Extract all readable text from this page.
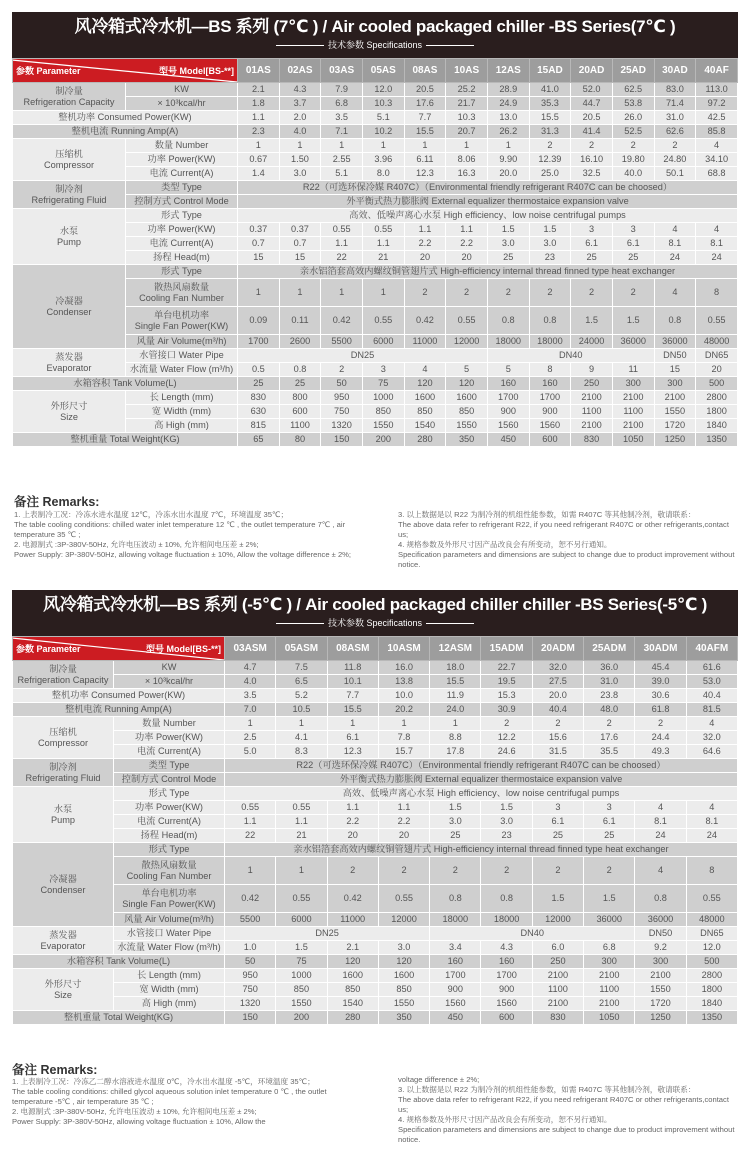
风冷箱式冷水机—BS 系列 (7℃ ) / Air cooled packaged chiller -BS Series(7℃ )
技术参数 Specifications
参数 Parameter 型号 Model[BS-**]		01AS	02AS	03AS	05AS	08AS	10AS	12AS	15AD	20AD	25AD	30AD	40AF

制冷量
Refrigeration Capacity	KW	2.1	4.3	7.9	12.0	20.5	25.2	28.9	41.0	52.0	62.5	83.0	113.0
	× 10³kcal/hr	1.8	3.7	6.8	10.3	17.6	21.7	24.9	35.3	44.7	53.8	71.4	97.2
整机功率 Consumed Power(KW)		1.1	2.0	3.5	5.1	7.7	10.3	13.0	15.5	20.5	26.0	31.0	42.5
整机电流 Running Amp(A)		2.3	4.0	7.1	10.2	15.5	20.7	26.2	31.3	41.4	52.5	62.6	85.8

压缩机
Compressor	数量 Number	1	1	1	1	1	1	1	2	2	2	2	4
	功率 Power(KW)	0.67	1.50	2.55	3.96	6.11	8.06	9.90	12.39	16.10	19.80	24.80	34.10
	电流 Current(A)	1.4	3.0	5.1	8.0	12.3	16.3	20.0	25.0	32.5	40.0	50.1	68.8

制冷剂
Refrigerating Fluid	类型 Type	R22（可选环保冷媒 R407C）（Environmental friendly refrigerant R407C can be choosed）											
	控制方式 Control Mode	外平衡式热力膨胀阀 External equalizer thermostaice expansion valve											

水泵
Pump	形式 Type	高效、低噪声离心水泵 High efficiency、low noise centrifugal pumps											
	功率 Power(KW)	0.37	0.37	0.55	0.55	1.1	1.1	1.5	1.5	3	3	4	4
	电流 Current(A)	0.7	0.7	1.1	1.1	2.2	2.2	3.0	3.0	6.1	6.1	8.1	8.1
	扬程 Head(m)	15	15	22	21	20	20	25	23	25	25	24	24

冷凝器
Condenser	形式 Type	亲水铝箔套高效内螺纹铜管翅片式 High-efficiency internal thread finned type heat exchanger											

	散热风扇数量
Cooling Fan Number	1	1	1	1	2	2	2	2	2	2	4	8

	单台电机功率
Single Fan Power(KW)	0.09	0.11	0.42	0.55	0.42	0.55	0.8	0.8	1.5	1.5	0.8	0.55
	风量 Air Volume(m³/h)	1700	2600	5500	6000	11000	12000	18000	18000	24000	36000	36000	48000

蒸发器
Evaporator	水管接口 Water Pipe	DN25						DN40				DN50	DN65
	水流量 Water Flow (m³/h)	0.5	0.8	2	3	4	5	5	8	9	11	15	20
水箱容积 Tank Volume(L)		25	25	50	75	120	120	160	160	250	300	300	500

外形尺寸
Size	长 Length (mm)	830	800	950	1000	1600	1600	1700	1700	2100	2100	2100	2800
	宽 Width (mm)	630	600	750	850	850	850	900	900	1100	1100	1550	1800
	高 High (mm)	815	1100	1320	1550	1540	1550	1560	1560	2100	2100	1720	1840
整机重量 Total Weight(KG)		65	80	150	200	280	350	450	600	830	1050	1250	1350
风冷箱式冷水机—BS 系列 (-5℃ ) / Air cooled packaged chiller chiller -BS Series(-5℃ )
技术参数 Specifications
参数 Parameter 型号 Model[BS-**]		03ASM	05ASM	08ASM	10ASM	12ASM	15ADM	20ADM	25ADM	30ADM	40AFM

制冷量
Refrigeration Capacity	KW	4.7	7.5	11.8	16.0	18.0	22.7	32.0	36.0	45.4	61.6
	× 10³kcal/hr	4.0	6.5	10.1	13.8	15.5	19.5	27.5	31.0	39.0	53.0
整机功率 Consumed Power(KW)		3.5	5.2	7.7	10.0	11.9	15.3	20.0	23.8	30.6	40.4
整机电流 Running Amp(A)		7.0	10.5	15.5	20.2	24.0	30.9	40.4	48.0	61.8	81.5

压缩机
Compressor	数量 Number	1	1	1	1	1	2	2	2	2	4
	功率 Power(KW)	2.5	4.1	6.1	7.8	8.8	12.2	15.6	17.6	24.4	32.0
	电流 Current(A)	5.0	8.3	12.3	15.7	17.8	24.6	31.5	35.5	49.3	64.6

制冷剂
Refrigerating Fluid	类型 Type	R22（可选环保冷媒 R407C）（Environmental friendly refrigerant R407C can be choosed）									
	控制方式 Control Mode	外平衡式热力膨胀阀 External equalizer thermostaice expansion valve									

水泵
Pump	形式 Type	高效、低噪声离心水泵 High efficiency、low noise centrifugal pumps									
	功率 Power(KW)	0.55	0.55	1.1	1.1	1.5	1.5	3	3	4	4
	电流 Current(A)	1.1	1.1	2.2	2.2	3.0	3.0	6.1	6.1	8.1	8.1
	扬程 Head(m)	22	21	20	20	25	23	25	25	24	24

冷凝器
Condenser	形式 Type	亲水铝箔套高效内螺纹铜管翅片式 High-efficiency internal thread finned type heat exchanger									

	散热风扇数量
Cooling Fan Number	1	1	2	2	2	2	2	2	4	8

	单台电机功率
Single Fan Power(KW)	0.42	0.55	0.42	0.55	0.8	0.8	1.5	1.5	0.8	0.55
	风量 Air Volume(m³/h)	5500	6000	11000	12000	18000	18000	12000	36000	36000	48000

蒸发器
Evaporator	水管接口 Water Pipe	DN25				DN40				DN50	DN65
	水流量 Water Flow (m³/h)	1.0	1.5	2.1	3.0	3.4	4.3	6.0	6.8	9.2	12.0
水箱容积 Tank Volume(L)		50	75	120	120	160	160	250	300	300	500

外形尺寸
Size	长 Length (mm)	950	1000	1600	1600	1700	1700	2100	2100	2100	2800
	宽 Width (mm)	750	850	850	850	900	900	1100	1100	1550	1800
	高 High (mm)	1320	1550	1540	1550	1560	1560	2100	2100	1720	1840
整机重量 Total Weight(KG)		150	200	280	350	450	600	830	1050	1250	1350
备注 Remarks:
1. 上表制冷工况：冷冻水进水温度 12℃，冷冻水出水温度 7℃，环境温度 35℃；
The table cooling conditions: chilled water inlet temperature 12 ℃ , the outlet temperature 7℃ , air temperature 35 ℃ ;
2. 电源制式 :3P-380V-50Hz, 允许电压波动 ± 10%, 允许相间电压差 ± 2%;
Power Supply: 3P-380V-50Hz, allowing voltage fluctuation ± 10%, Allow the voltage difference ± 2%;
3. 以上数据是以 R22 为制冷剂的机组性能参数，如需 R407C 等其他制冷剂，敬请联系：
The above data refer to refrigerant R22, if you need refrigerant R407C or other refrigerants,contact us;
4. 规格参数及外形尺寸因产品改良会有所变动，恕不另行通知。
Specification parameters and dimensions are subject to change due to product improvement without notice.
备注 Remarks:
1. 上表制冷工况：冷冻乙二醇水溶液进水温度 0℃，冷水出水温度 -5℃，环境温度 35℃；
The table cooling conditions: chilled glycol aqueous solution inlet temperature 0 ℃ , the outlet temperature -5℃ , air temperature 35 ℃ ;
2. 电源制式 :3P-380V-50Hz, 允许电压波动 ± 10%, 允许相间电压差 ± 2%;
Power Supply: 3P-380V-50Hz, allowing voltage fluctuation ± 10%, Allow the
voltage difference ± 2%;
3. 以上数据是以 R22 为制冷剂的机组性能参数，如需 R407C 等其他制冷剂，敬请联系：
The above data refer to refrigerant R22, if you need refrigerant R407C or other refrigerants,contact us;
4. 规格参数及外形尺寸因产品改良会有所变动，恕不另行通知。
Specification parameters and dimensions are subject to change due to product improvement without notice.
